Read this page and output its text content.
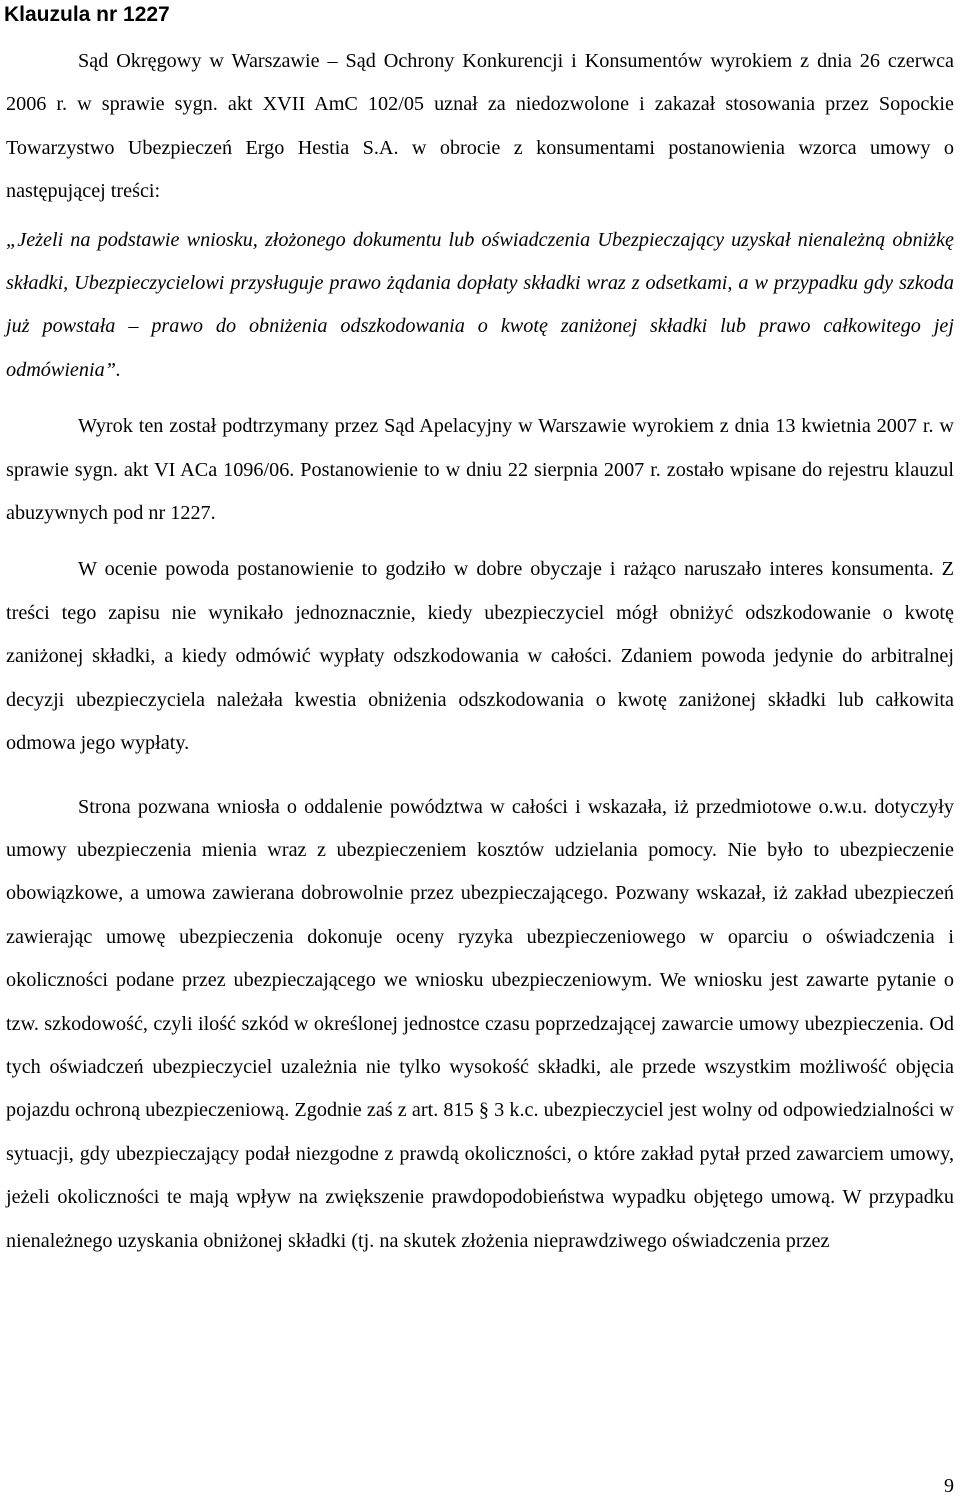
Klauzula nr 1227

Sąd Okręgowy w Warszawie – Sąd Ochrony Konkurencji i Konsumentów wyrokiem z dnia 26 czerwca 2006 r. w sprawie sygn. akt XVII AmC 102/05 uznał za niedozwolone i zakazał stosowania przez Sopockie Towarzystwo Ubezpieczeń Ergo Hestia S.A. w obrocie z konsumentami postanowienia wzorca umowy o następującej treści:

„Jeżeli na podstawie wniosku, złożonego dokumentu lub oświadczenia Ubezpieczający uzyskał nienależną obniżkę składki, Ubezpieczycielowi przysługuje prawo żądania dopłaty składki wraz z odsetkami, a w przypadku gdy szkoda już powstała – prawo do obniżenia odszkodowania o kwotę zaniżonej składki lub prawo całkowitego jej odmówienia”.

Wyrok ten został podtrzymany przez Sąd Apelacyjny w Warszawie wyrokiem z dnia 13 kwietnia 2007 r. w sprawie sygn. akt VI ACa 1096/06. Postanowienie to w dniu 22 sierpnia 2007 r. zostało wpisane do rejestru klauzul abuzywnych pod nr 1227.

W ocenie powoda postanowienie to godziło w dobre obyczaje i rażąco naruszało interes konsumenta. Z treści tego zapisu nie wynikało jednoznacznie, kiedy ubezpieczyciel mógł obniżyć odszkodowanie o kwotę zaniżonej składki, a kiedy odmówić wypłaty odszkodowania w całości. Zdaniem powoda jedynie do arbitralnej decyzji ubezpieczyciela należała kwestia obniżenia odszkodowania o kwotę zaniżonej składki lub całkowita odmowa jego wypłaty.

Strona pozwana wniosła o oddalenie powództwa w całości i wskazała, iż przedmiotowe o.w.u. dotyczyły umowy ubezpieczenia mienia wraz z ubezpieczeniem kosztów udzielania pomocy. Nie było to ubezpieczenie obowiązkowe, a umowa zawierana dobrowolnie przez ubezpieczającego. Pozwany wskazał, iż zakład ubezpieczeń zawierając umowę ubezpieczenia dokonuje oceny ryzyka ubezpieczeniowego w oparciu o oświadczenia i okoliczności podane przez ubezpieczającego we wniosku ubezpieczeniowym. We wniosku jest zawarte pytanie o tzw. szkodowość, czyli ilość szkód w określonej jednostce czasu poprzedzającej zawarcie umowy ubezpieczenia. Od tych oświadczeń ubezpieczyciel uzależnia nie tylko wysokość składki, ale przede wszystkim możliwość objęcia pojazdu ochroną ubezpieczeniową. Zgodnie zaś z art. 815 § 3 k.c. ubezpieczyciel jest wolny od odpowiedzialności w sytuacji, gdy ubezpieczający podał niezgodne z prawdą okoliczności, o które zakład pytał przed zawarciem umowy, jeżeli okoliczności te mają wpływ na zwiększenie prawdopodobieństwa wypadku objętego umową. W przypadku nienależnego uzyskania obniżonej składki (tj. na skutek złożenia nieprawdziwego oświadczenia przez

9
